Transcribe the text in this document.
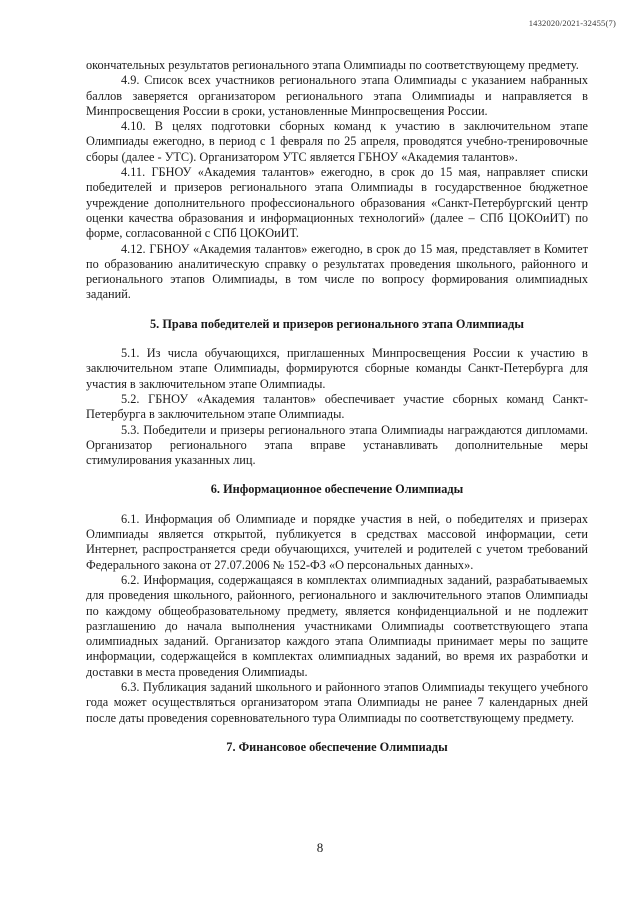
1432020/2021-32455(7)

окончательных результатов регионального этапа Олимпиады по соответствующему предмету.

4.9. Список всех участников регионального этапа Олимпиады с указанием набранных баллов заверяется организатором регионального этапа Олимпиады и направляется в Минпросвещения России в сроки, установленные Минпросвещения России.

4.10. В целях подготовки сборных команд к участию в заключительном этапе Олимпиады ежегодно, в период с 1 февраля по 25 апреля, проводятся учебно-тренировочные сборы (далее - УТС). Организатором УТС является ГБНОУ «Академия талантов».

4.11. ГБНОУ «Академия талантов» ежегодно, в срок до 15 мая, направляет списки победителей и призеров регионального этапа Олимпиады в государственное бюджетное учреждение дополнительного профессионального образования «Санкт-Петербургский центр оценки качества образования и информационных технологий» (далее – СПб ЦОКОиИТ) по форме, согласованной с СПб ЦОКОиИТ.

4.12. ГБНОУ «Академия талантов» ежегодно, в срок до 15 мая, представляет в Комитет по образованию аналитическую справку о результатах проведения школьного, районного и регионального этапов Олимпиады, в том числе по вопросу формирования олимпиадных заданий.

5. Права победителей и призеров регионального этапа Олимпиады

5.1. Из числа обучающихся, приглашенных Минпросвещения России к участию в заключительном этапе Олимпиады, формируются сборные команды Санкт-Петербурга для участия в заключительном этапе Олимпиады.

5.2. ГБНОУ «Академия талантов» обеспечивает участие сборных команд Санкт-Петербурга в заключительном этапе Олимпиады.

5.3. Победители и призеры регионального этапа Олимпиады награждаются дипломами. Организатор регионального этапа вправе устанавливать дополнительные меры стимулирования указанных лиц.

6. Информационное обеспечение Олимпиады

6.1. Информация об Олимпиаде и порядке участия в ней, о победителях и призерах Олимпиады является открытой, публикуется в средствах массовой информации, сети Интернет, распространяется среди обучающихся, учителей и родителей с учетом требований Федерального закона от 27.07.2006 № 152-ФЗ «О персональных данных».

6.2. Информация, содержащаяся в комплектах олимпиадных заданий, разрабатываемых для проведения школьного, районного, регионального и заключительного этапов Олимпиады по каждому общеобразовательному предмету, является конфиденциальной и не подлежит разглашению до начала выполнения участниками Олимпиады соответствующего этапа олимпиадных заданий. Организатор каждого этапа Олимпиады принимает меры по защите информации, содержащейся в комплектах олимпиадных заданий, во время их разработки и доставки в места проведения Олимпиады.

6.3. Публикация заданий школьного и районного этапов Олимпиады текущего учебного года может осуществляться организатором этапа Олимпиады не ранее 7 календарных дней после даты проведения соревновательного тура Олимпиады по соответствующему предмету.

7. Финансовое обеспечение Олимпиады
8
